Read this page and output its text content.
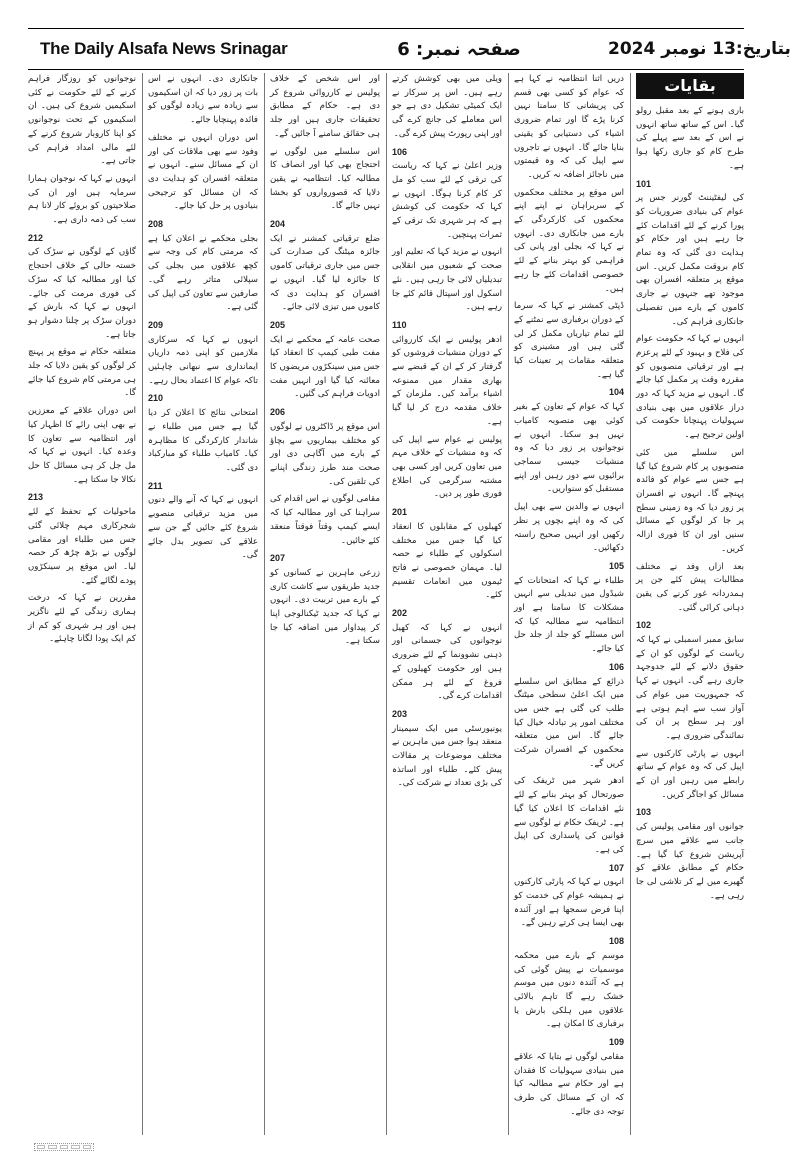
The Daily Alsafa News Srinagar	صفحہ نمبر: 6	بتاریخ:13 نومبر 2024
بقایات

باری ہونے کے بعد مقبل رولو گیا۔ اس کے ساتھ ساتھ انہوں نے اس کے بعد سے پہلے کی طرح کام کو جاری رکھا ہوا ہے۔

101

کی لیفٹیننٹ گورنر جس پر عوام کی بنیادی ضروریات کو پورا کرنے کے لئے اقدامات کئے جا رہے ہیں اور حکام کو ہدایت دی گئی کہ وہ تمام کام بروقت مکمل کریں۔ اس موقع پر متعلقہ افسران بھی موجود تھے جنہوں نے جاری کاموں کے بارے میں تفصیلی جانکاری فراہم کی۔

انہوں نے کہا کہ حکومت عوام کی فلاح و بہبود کے لئے پرعزم ہے اور ترقیاتی منصوبوں کو مقررہ وقت پر مکمل کیا جائے گا۔ انہوں نے مزید کہا کہ دور دراز علاقوں میں بھی بنیادی سہولیات پہنچانا حکومت کی اولین ترجیح ہے۔

اس سلسلے میں کئی منصوبوں پر کام شروع کیا گیا ہے جس سے عوام کو فائدہ پہنچے گا۔ انہوں نے افسران پر زور دیا کہ وہ زمینی سطح پر جا کر لوگوں کے مسائل سنیں اور ان کا فوری ازالہ کریں۔

بعد ازاں وفد نے مختلف مطالبات پیش کئے جن پر ہمدردانہ غور کرنے کی یقین دہانی کرائی گئی۔

102

سابق ممبر اسمبلی نے کہا کہ ریاست کے لوگوں کو ان کے حقوق دلانے کے لئے جدوجہد جاری رہے گی۔ انہوں نے کہا کہ جمہوریت میں عوام کی آواز سب سے اہم ہوتی ہے اور ہر سطح پر ان کی نمائندگی ضروری ہے۔

انہوں نے پارٹی کارکنوں سے اپیل کی کہ وہ عوام کے ساتھ رابطے میں رہیں اور ان کے مسائل کو اجاگر کریں۔

103

جوانوں اور مقامی پولیس کی جانب سے علاقے میں سرچ آپریشن شروع کیا گیا ہے۔ حکام کے مطابق علاقے کو گھیرے میں لے کر تلاشی لی جا رہی ہے۔

دریں اثنا انتظامیہ نے کہا ہے کہ عوام کو کسی بھی قسم کی پریشانی کا سامنا نہیں کرنا پڑے گا اور تمام ضروری اشیاء کی دستیابی کو یقینی بنایا جائے گا۔ انہوں نے تاجروں سے اپیل کی کہ وہ قیمتوں میں ناجائز اضافہ نہ کریں۔

اس موقع پر مختلف محکموں کے سربراہان نے اپنے اپنے محکموں کی کارکردگی کے بارے میں جانکاری دی۔ انہوں نے کہا کہ بجلی اور پانی کی فراہمی کو بہتر بنانے کے لئے خصوصی اقدامات کئے جا رہے ہیں۔

ڈپٹی کمشنر نے کہا کہ سرما کے دوران برفباری سے نمٹنے کے لئے تمام تیاریاں مکمل کر لی گئی ہیں اور مشینری کو متعلقہ مقامات پر تعینات کیا گیا ہے۔

104

کہا کہ عوام کے تعاون کے بغیر کوئی بھی منصوبہ کامیاب نہیں ہو سکتا۔ انہوں نے نوجوانوں پر زور دیا کہ وہ منشیات جیسی سماجی برائیوں سے دور رہیں اور اپنے مستقبل کو سنواریں۔

انہوں نے والدین سے بھی اپیل کی کہ وہ اپنے بچوں پر نظر رکھیں اور انہیں صحیح راستہ دکھائیں۔

105

طلباء نے کہا کہ امتحانات کے شیڈول میں تبدیلی سے انہیں مشکلات کا سامنا ہے اور انتظامیہ سے مطالبہ کیا کہ اس مسئلے کو جلد از جلد حل کیا جائے۔

106

ذرائع کے مطابق اس سلسلے میں ایک اعلیٰ سطحی میٹنگ طلب کی گئی ہے جس میں مختلف امور پر تبادلہ خیال کیا جائے گا۔ اس میں متعلقہ محکموں کے افسران شرکت کریں گے۔

ادھر شہر میں ٹریفک کی صورتحال کو بہتر بنانے کے لئے نئے اقدامات کا اعلان کیا گیا ہے۔ ٹریفک حکام نے لوگوں سے قوانین کی پاسداری کی اپیل کی ہے۔

107

انہوں نے کہا کہ پارٹی کارکنوں نے ہمیشہ عوام کی خدمت کو اپنا فرض سمجھا ہے اور آئندہ بھی ایسا ہی کرتے رہیں گے۔

108

موسم کے بارے میں محکمہ موسمیات نے پیش گوئی کی ہے کہ آئندہ دنوں میں موسم خشک رہے گا تاہم بالائی علاقوں میں ہلکی بارش یا برفباری کا امکان ہے۔

109

مقامی لوگوں نے بتایا کہ علاقے میں بنیادی سہولیات کا فقدان ہے اور حکام سے مطالبہ کیا کہ ان کے مسائل کی طرف توجہ دی جائے۔

ویلی میں بھی کوشش کرتے رہے ہیں۔ اس پر سرکار نے ایک کمیٹی تشکیل دی ہے جو اس معاملے کی جانچ کرے گی اور اپنی رپورٹ پیش کرے گی۔

106

وزیر اعلیٰ نے کہا کہ ریاست کی ترقی کے لئے سب کو مل کر کام کرنا ہوگا۔ انہوں نے کہا کہ حکومت کی کوشش ہے کہ ہر شہری تک ترقی کے ثمرات پہنچیں۔

انہوں نے مزید کہا کہ تعلیم اور صحت کے شعبوں میں انقلابی تبدیلیاں لائی جا رہی ہیں۔ نئے اسکول اور اسپتال قائم کئے جا رہے ہیں۔

110

ادھر پولیس نے ایک کارروائی کے دوران منشیات فروشوں کو گرفتار کر کے ان کے قبضے سے بھاری مقدار میں ممنوعہ اشیاء برآمد کیں۔ ملزمان کے خلاف مقدمہ درج کر لیا گیا ہے۔

پولیس نے عوام سے اپیل کی کہ وہ منشیات کے خلاف مہم میں تعاون کریں اور کسی بھی مشتبہ سرگرمی کی اطلاع فوری طور پر دیں۔

201

کھیلوں کے مقابلوں کا انعقاد کیا گیا جس میں مختلف اسکولوں کے طلباء نے حصہ لیا۔ مہمان خصوصی نے فاتح ٹیموں میں انعامات تقسیم کئے۔

202

انہوں نے کہا کہ کھیل نوجوانوں کی جسمانی اور ذہنی نشوونما کے لئے ضروری ہیں اور حکومت کھیلوں کے فروغ کے لئے ہر ممکن اقدامات کرے گی۔

203

یونیورسٹی میں ایک سیمینار منعقد ہوا جس میں ماہرین نے مختلف موضوعات پر مقالات پیش کئے۔ طلباء اور اساتذہ کی بڑی تعداد نے شرکت کی۔

اور اس شخص کے خلاف پولیس نے کارروائی شروع کر دی ہے۔ حکام کے مطابق تحقیقات جاری ہیں اور جلد ہی حقائق سامنے آ جائیں گے۔

اس سلسلے میں لوگوں نے احتجاج بھی کیا اور انصاف کا مطالبہ کیا۔ انتظامیہ نے یقین دلایا کہ قصورواروں کو بخشا نہیں جائے گا۔

204

ضلع ترقیاتی کمشنر نے ایک جائزہ میٹنگ کی صدارت کی جس میں جاری ترقیاتی کاموں کا جائزہ لیا گیا۔ انہوں نے افسران کو ہدایت دی کہ کاموں میں تیزی لائی جائے۔

205

صحت عامہ کے محکمے نے ایک مفت طبی کیمپ کا انعقاد کیا جس میں سینکڑوں مریضوں کا معائنہ کیا گیا اور انہیں مفت ادویات فراہم کی گئیں۔

206

اس موقع پر ڈاکٹروں نے لوگوں کو مختلف بیماریوں سے بچاؤ کے بارے میں آگاہی دی اور صحت مند طرز زندگی اپنانے کی تلقین کی۔

مقامی لوگوں نے اس اقدام کی سراہنا کی اور مطالبہ کیا کہ ایسے کیمپ وقتاً فوقتاً منعقد کئے جائیں۔

207

زرعی ماہرین نے کسانوں کو جدید طریقوں سے کاشت کاری کے بارے میں تربیت دی۔ انہوں نے کہا کہ جدید ٹیکنالوجی اپنا کر پیداوار میں اضافہ کیا جا سکتا ہے۔

جانکاری دی۔ انہوں نے اس بات پر زور دیا کہ ان اسکیموں سے زیادہ سے زیادہ لوگوں کو فائدہ پہنچایا جائے۔

اس دوران انہوں نے مختلف وفود سے بھی ملاقات کی اور ان کے مسائل سنے۔ انہوں نے متعلقہ افسران کو ہدایت دی کہ ان مسائل کو ترجیحی بنیادوں پر حل کیا جائے۔

208

بجلی محکمے نے اعلان کیا ہے کہ مرمتی کام کی وجہ سے کچھ علاقوں میں بجلی کی سپلائی متاثر رہے گی۔ صارفین سے تعاون کی اپیل کی گئی ہے۔

209

انہوں نے کہا کہ سرکاری ملازمین کو اپنی ذمہ داریاں ایمانداری سے نبھانی چاہئیں تاکہ عوام کا اعتماد بحال رہے۔

210

امتحانی نتائج کا اعلان کر دیا گیا ہے جس میں طلباء نے شاندار کارکردگی کا مظاہرہ کیا۔ کامیاب طلباء کو مبارکباد دی گئی۔

211

انہوں نے کہا کہ آنے والے دنوں میں مزید ترقیاتی منصوبے شروع کئے جائیں گے جن سے علاقے کی تصویر بدل جائے گی۔

نوجوانوں کو روزگار فراہم کرنے کے لئے حکومت نے کئی اسکیمیں شروع کی ہیں۔ ان اسکیموں کے تحت نوجوانوں کو اپنا کاروبار شروع کرنے کے لئے مالی امداد فراہم کی جاتی ہے۔

انہوں نے کہا کہ نوجوان ہمارا سرمایہ ہیں اور ان کی صلاحیتوں کو بروئے کار لانا ہم سب کی ذمہ داری ہے۔

212

گاؤں کے لوگوں نے سڑک کی خستہ حالی کے خلاف احتجاج کیا اور مطالبہ کیا کہ سڑک کی فوری مرمت کی جائے۔ انہوں نے کہا کہ بارش کے دوران سڑک پر چلنا دشوار ہو جاتا ہے۔

متعلقہ حکام نے موقع پر پہنچ کر لوگوں کو یقین دلایا کہ جلد ہی مرمتی کام شروع کیا جائے گا۔

اس دوران علاقے کے معززین نے بھی اپنی رائے کا اظہار کیا اور انتظامیہ سے تعاون کا وعدہ کیا۔ انہوں نے کہا کہ مل جل کر ہی مسائل کا حل نکالا جا سکتا ہے۔

213

ماحولیات کے تحفظ کے لئے شجرکاری مہم چلائی گئی جس میں طلباء اور مقامی لوگوں نے بڑھ چڑھ کر حصہ لیا۔ اس موقع پر سینکڑوں پودے لگائے گئے۔

مقررین نے کہا کہ درخت ہماری زندگی کے لئے ناگزیر ہیں اور ہر شہری کو کم از کم ایک پودا لگانا چاہئے۔
